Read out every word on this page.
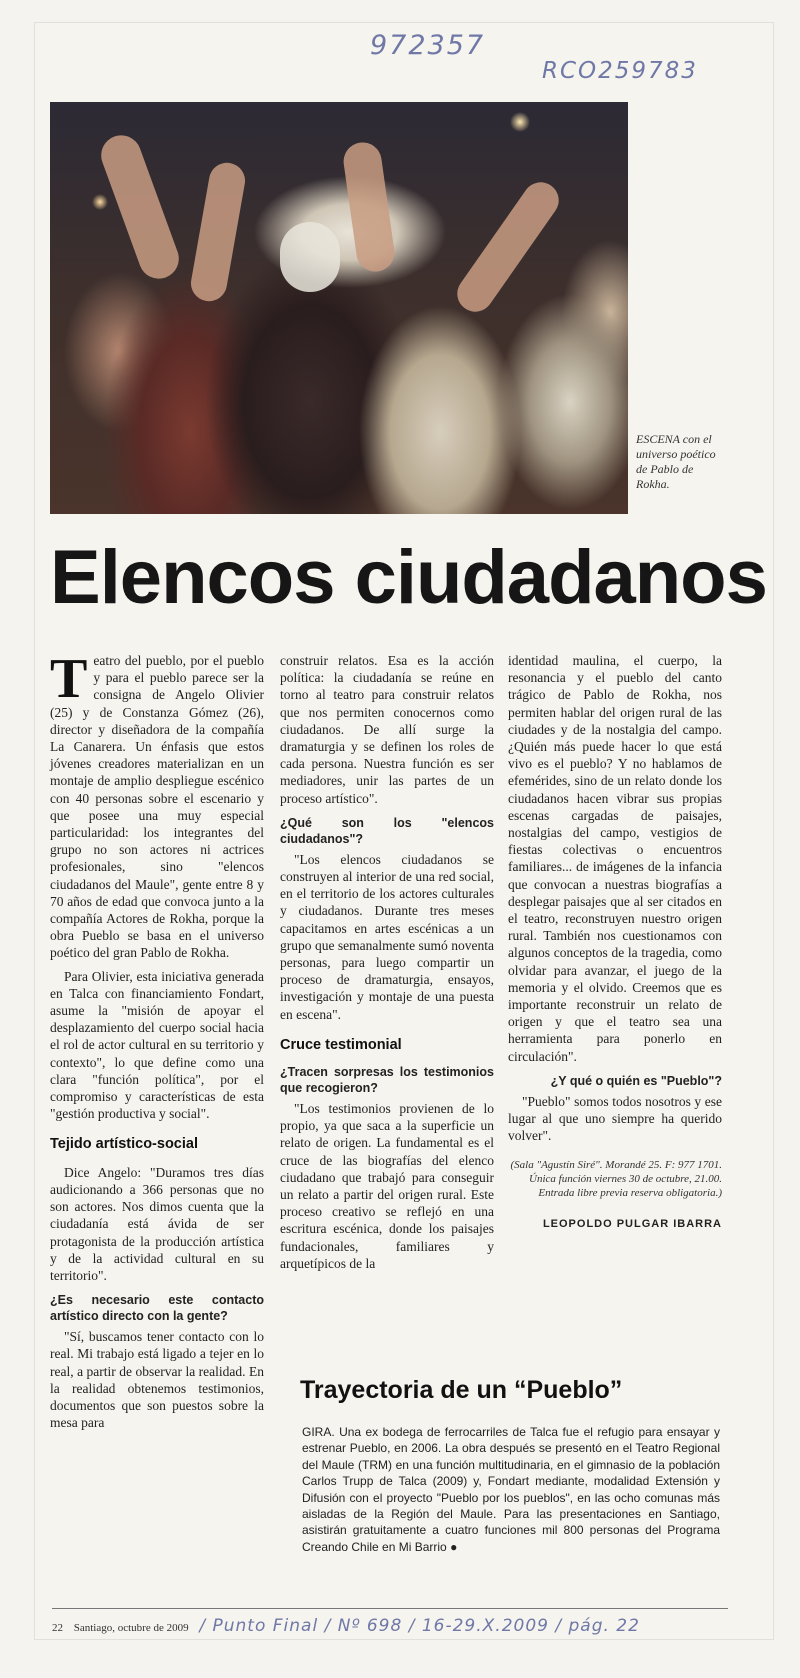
972357
RCO259783
ESCENA con el universo poético de Pablo de Rokha.
Elencos ciudadanos

Teatro del pueblo, por el pueblo y para el pueblo parece ser la consigna de Angelo Olivier (25) y de Constanza Gómez (26), director y diseñadora de la compañía La Canarera. Un énfasis que estos jóvenes creadores materializan en un montaje de amplio despliegue escénico con 40 personas sobre el escenario y que posee una muy especial particularidad: los integrantes del grupo no son actores ni actrices profesionales, sino "elencos ciudadanos del Maule", gente entre 8 y 70 años de edad que convoca junto a la compañía Actores de Rokha, porque la obra Pueblo se basa en el universo poético del gran Pablo de Rokha.

Para Olivier, esta iniciativa generada en Talca con financiamiento Fondart, asume la "misión de apoyar el desplazamiento del cuerpo social hacia el rol de actor cultural en su territorio y contexto", lo que define como una clara "función política", por el compromiso y características de esta "gestión productiva y social".

Tejido artístico-social

Dice Angelo: "Duramos tres días audicionando a 366 personas que no son actores. Nos dimos cuenta que la ciudadanía está ávida de ser protagonista de la producción artística y de la actividad cultural en su territorio".

¿Es necesario este contacto artístico directo con la gente?

"Sí, buscamos tener contacto con lo real. Mi trabajo está ligado a tejer en lo real, a partir de observar la realidad. En la realidad obtenemos testimonios, documentos que son puestos sobre la mesa para

construir relatos. Esa es la acción política: la ciudadanía se reúne en torno al teatro para construir relatos que nos permiten conocernos como ciudadanos. De allí surge la dramaturgia y se definen los roles de cada persona. Nuestra función es ser mediadores, unir las partes de un proceso artístico".

¿Qué son los "elencos ciudadanos"?

"Los elencos ciudadanos se construyen al interior de una red social, en el territorio de los actores culturales y ciudadanos. Durante tres meses capacitamos en artes escénicas a un grupo que semanalmente sumó noventa personas, para luego compartir un proceso de dramaturgia, ensayos, investigación y montaje de una puesta en escena".

Cruce testimonial

¿Tracen sorpresas los testimonios que recogieron?

"Los testimonios provienen de lo propio, ya que saca a la superficie un relato de origen. La fundamental es el cruce de las biografías del elenco ciudadano que trabajó para conseguir un relato a partir del origen rural. Este proceso creativo se reflejó en una escritura escénica, donde los paisajes fundacionales, familiares y arquetípicos de la

identidad maulina, el cuerpo, la resonancia y el pueblo del canto trágico de Pablo de Rokha, nos permiten hablar del origen rural de las ciudades y de la nostalgia del campo. ¿Quién más puede hacer lo que está vivo es el pueblo? Y no hablamos de efemérides, sino de un relato donde los ciudadanos hacen vibrar sus propias escenas cargadas de paisajes, nostalgias del campo, vestigios de fiestas colectivas o encuentros familiares... de imágenes de la infancia que convocan a nuestras biografías a desplegar paisajes que al ser citados en el teatro, reconstruyen nuestro origen rural. También nos cuestionamos con algunos conceptos de la tragedia, como olvidar para avanzar, el juego de la memoria y el olvido. Creemos que es importante reconstruir un relato de origen y que el teatro sea una herramienta para ponerlo en circulación".

¿Y qué o quién es "Pueblo"?

"Pueblo" somos todos nosotros y ese lugar al que uno siempre ha querido volver".

(Sala "Agustín Siré". Morandé 25. F: 977 1701. Única función viernes 30 de octubre, 21.00. Entrada libre previa reserva obligatoria.)
LEOPOLDO PULGAR IBARRA
Trayectoria de un “Pueblo”
GIRA. Una ex bodega de ferrocarriles de Talca fue el refugio para ensayar y estrenar Pueblo, en 2006. La obra después se presentó en el Teatro Regional del Maule (TRM) en una función multitudinaria, en el gimnasio de la población Carlos Trupp de Talca (2009) y, Fondart mediante, modalidad Extensión y Difusión con el proyecto "Pueblo por los pueblos", en las ocho comunas más aisladas de la Región del Maule. Para las presentaciones en Santiago, asistirán gratuitamente a cuatro funciones mil 800 personas del Programa Creando Chile en Mi Barrio ●
22 Santiago, octubre de 2009 / Punto Final / Nº 698 / 16-29.X.2009 / pág. 22
